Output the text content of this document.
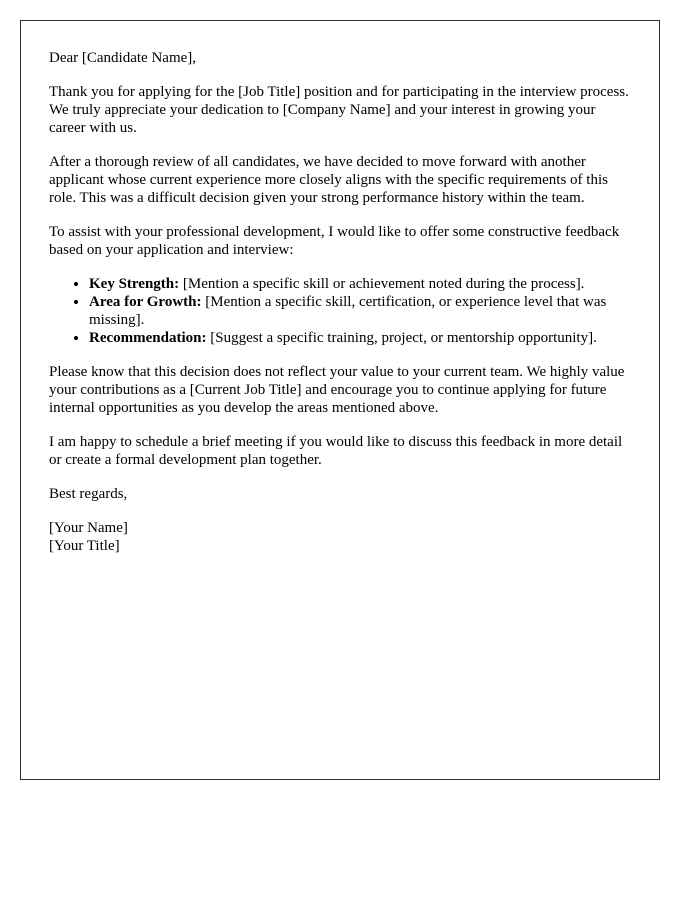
Dear [Candidate Name],

Thank you for applying for the [Job Title] position and for participating in the interview process. We truly appreciate your dedication to [Company Name] and your interest in growing your career with us.

After a thorough review of all candidates, we have decided to move forward with another applicant whose current experience more closely aligns with the specific requirements of this role. This was a difficult decision given your strong performance history within the team.

To assist with your professional development, I would like to offer some constructive feedback based on your application and interview:

• Key Strength: [Mention a specific skill or achievement noted during the process].
• Area for Growth: [Mention a specific skill, certification, or experience level that was missing].
• Recommendation: [Suggest a specific training, project, or mentorship opportunity].

Please know that this decision does not reflect your value to your current team. We highly value your contributions as a [Current Job Title] and encourage you to continue applying for future internal opportunities as you develop the areas mentioned above.

I am happy to schedule a brief meeting if you would like to discuss this feedback in more detail or create a formal development plan together.

Best regards,

[Your Name]
[Your Title]
